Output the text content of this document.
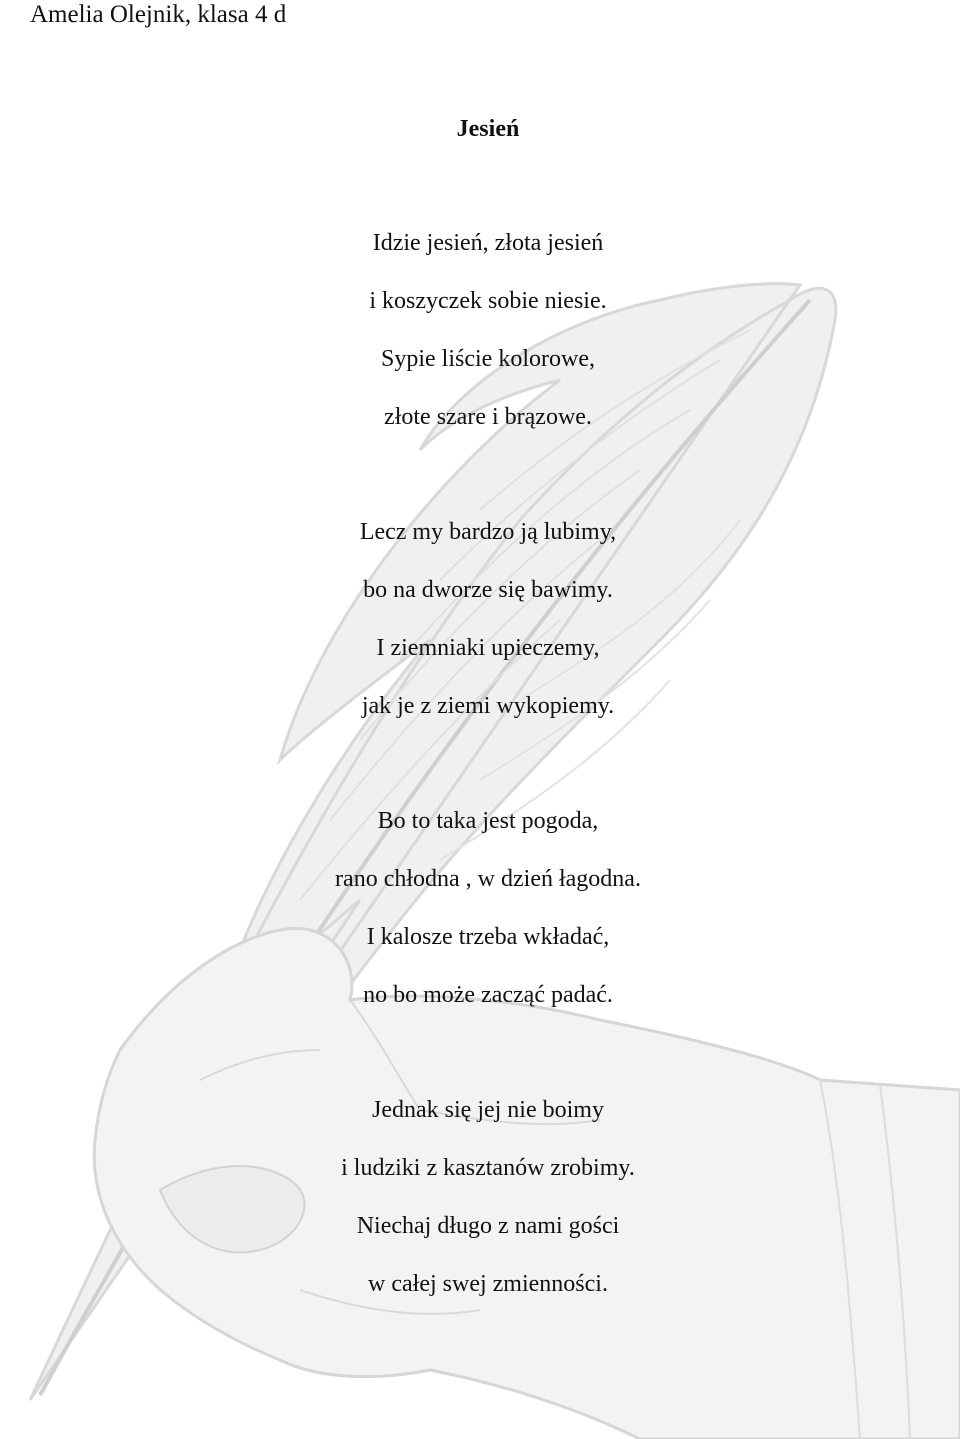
Amelia Olejnik, klasa 4 d
Jesień
Idzie jesień, złota jesień
i koszyczek sobie niesie.
Sypie liście kolorowe,
złote szare i brązowe.
Lecz my bardzo ją lubimy,
bo na dworze się bawimy.
I ziemniaki upieczemy,
jak je z ziemi wykopiemy.
Bo to taka jest pogoda,
rano chłodna , w dzień łagodna.
I kalosze trzeba wkładać,
no bo może zacząć padać.
Jednak się jej nie boimy
i ludziki z kasztanów zrobimy.
Niechaj długo z nami gości
w całej swej zmienności.
